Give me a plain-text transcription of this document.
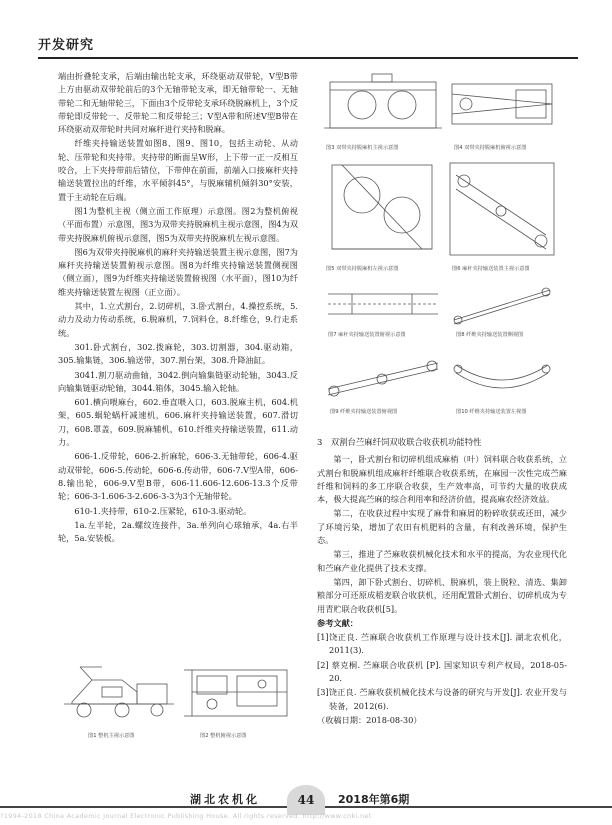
开发研究

端由折叠轮支承，后端由输出轮支承，环绕驱动双带轮，V型B带上方由驱动双带轮前后的3个无轴带轮支承，即无轴带轮一、无轴带轮二和无轴带轮三，下面由3个反带轮支承环绕脱麻机上，3个反带轮即反带轮一、反带轮二和反带轮三；V型A带和所述V型B带在环绕驱动双带轮时共同对麻秆进行夹持和脱麻。

纤维夹持输送装置如图8、图9、图10，包括主动轮、从动轮、压带轮和夹持带。夹持带的断面呈W形，上下带一正一反相互咬合，上下夹持带前后错位，下带伸在前面，前端入口接麻秆夹持输送装置拉出的纤维，水平倾斜45°，与脱麻辅机倾斜30°安装，置于主动轮在后端。

图1为整机主视（侧立面工作原理）示意图。图2为整机俯视（平面布置）示意图，图3为双带夹持脱麻机主视示意图，图4为双带夹持脱麻机俯视示意图，图5为双带夹持脱麻机左视示意图。

图6为双带夹持脱麻机的麻秆夹持输送装置主视示意图，图7为麻秆夹持输送装置俯视示意图。图8为纤维夹持输送装置侧视图（侧立面），图9为纤维夹持输送装置俯视图（水平面），图10为纤维夹持输送装置左视图（正立面）。

其中，1.立式割台，2.切碎机，3.卧式割台，4.操控系统，5.动力及动力传动系统，6.脱麻机，7.饲料仓，8.纤维仓，9.行走系统。

301.卧式割台，302.拨麻轮，303.切割器，304.驱动箱，305.输集链，306.输送带，307.割台架，308.升降油缸。

3041.割刀驱动曲轴，3042.倒向输集链驱动轮轴，3043.反向输集链驱动轮轴，3044.箱体，3045.输入轮轴。

601.横向喂麻台，602.垂直喂入口，603.脱麻主机，604.机架，605.蜗轮蜗杆减速机，606.麻秆夹持输送装置，607.滑切刀，608.罩盖，609.脱麻辅机，610.纤维夹持输送装置，611.动力。

606-1.反带轮，606-2.折麻轮，606-3.无轴带轮，606-4.驱动双带轮，606-5.传动轮，606-6.传动带，606-7.V型A带，606-8.输出轮，606-9.V型B带，606-11.606-12.606-13.3个反带轮；606-3-1.606-3-2.606-3-3为3个无轴带轮。

610-1.夹持带，610-2.压紧轮，610-3.驱动轮。

1a.左半轮，2a.螺纹连接件，3a.单列向心球轴承，4a.右半轮，5a.安装板。

图1 整机主视示意图	图2 整机俯视示意图
图3 双带夹持脱麻机主视示意图	图4 双带夹持脱麻机俯视示意图
图5 双带夹持脱麻机左视示意图	图6 麻秆夹持输送装置主视示意图
图7 麻秆夹持输送装置俯视示意图	图8 纤维夹持输送装置侧视图
图9 纤维夹持输送装置俯视图	图10 纤维夹持输送装置左视图

3　双割台苎麻纤饲双收联合收获机功能特性

第一，卧式割台和切碎机组成麻梢（叶）饲料联合收获系统，立式割台和脱麻机组成麻秆纤维联合收获系统，在麻园一次性完成苎麻纤维和饲料的多工序联合收获，生产效率高，可节约大量的收获成本，极大提高苎麻的综合利用率和经济价值，提高麻农经济效益。

第二，在收获过程中实现了麻骨和麻屑的粉碎收获或还田，减少了环境污染，增加了农田有机肥料的含量，有利改善环境，保护生态。

第三，推进了苎麻收获机械化技术和水平的提高，为农业现代化和苎麻产业化提供了技术支撑。

第四，卸下卧式割台、切碎机、脱麻机，装上脱粒、清选、集卸粮部分可还原成稻麦联合收获机，还用配置卧式割台、切碎机成为专用青贮联合收获机[5]。

参考文献：

[1]饶正良. 苎麻联合收获机工作原理与设计技术[J]. 湖北农机化，2011(3).

[2] 蔡克桐. 苎麻联合收获机 [P]. 国家知识专利产权局，2018-05-20.

[3]饶正良. 苎麻收获机械化技术与设备的研究与开发[J]. 农业开发与装备，2012(6).

（收稿日期：2018-08-30）

44
湖北农机化	2018年第6期
?1994-2018 China Academic Journal Electronic Publishing House. All rights reserved. http://www.cnki.net
